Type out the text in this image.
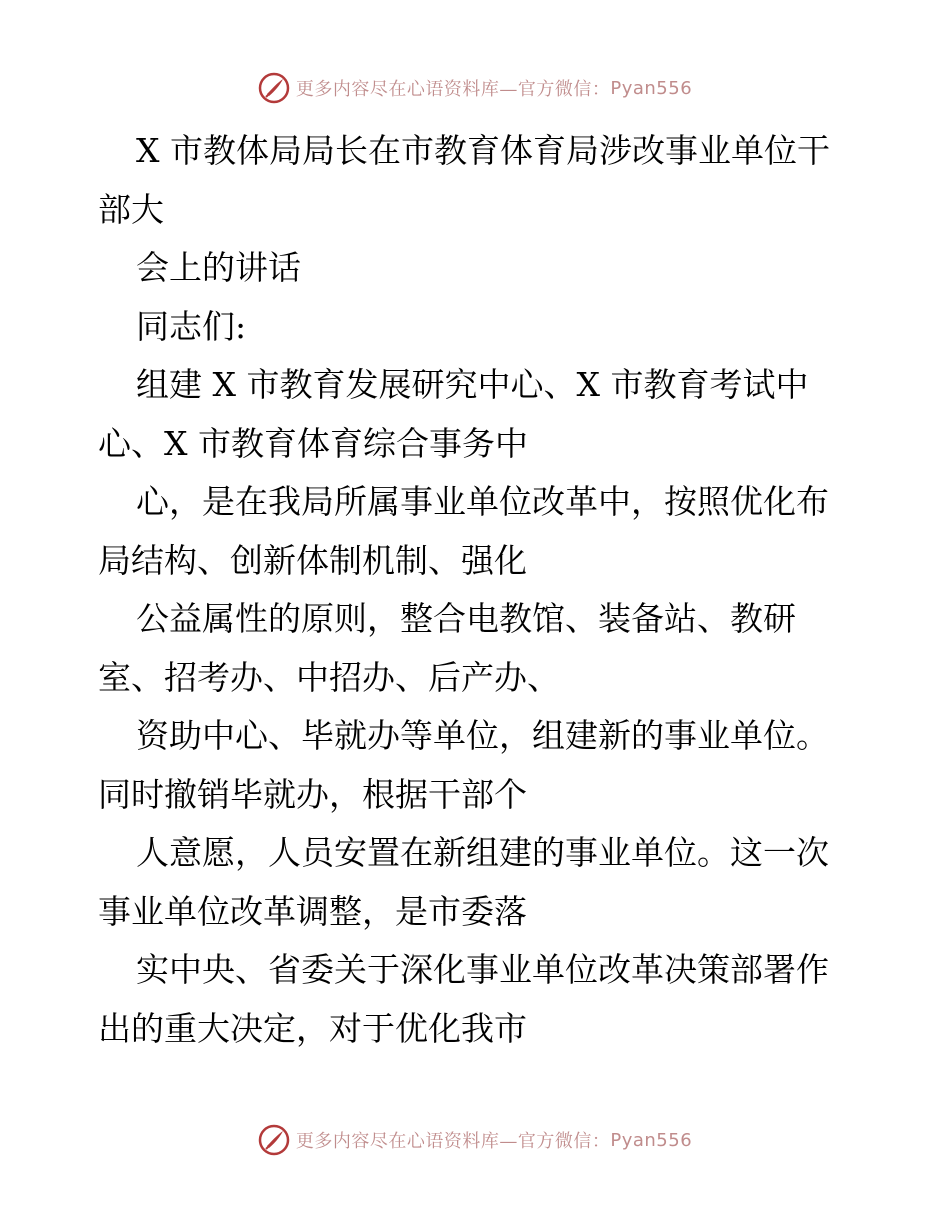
更多内容尽在心语资料库—官方微信： Pyan556
X 市教体局局长在市教育体育局涉改事业单位干
部大
会上的讲话
同志们:
组建 X 市教育发展研究中心、X 市教育考试中
心、X 市教育体育综合事务中
心，是在我局所属事业单位改革中，按照优化布
局结构、创新体制机制、强化
公益属性的原则，整合电教馆、装备站、教研
室、招考办、中招办、后产办、
资助中心、毕就办等单位，组建新的事业单位。
同时撤销毕就办，根据干部个
人意愿，人员安置在新组建的事业单位。这一次
事业单位改革调整，是市委落
实中央、省委关于深化事业单位改革决策部署作
出的重大决定，对于优化我市
更多内容尽在心语资料库—官方微信： Pyan556
